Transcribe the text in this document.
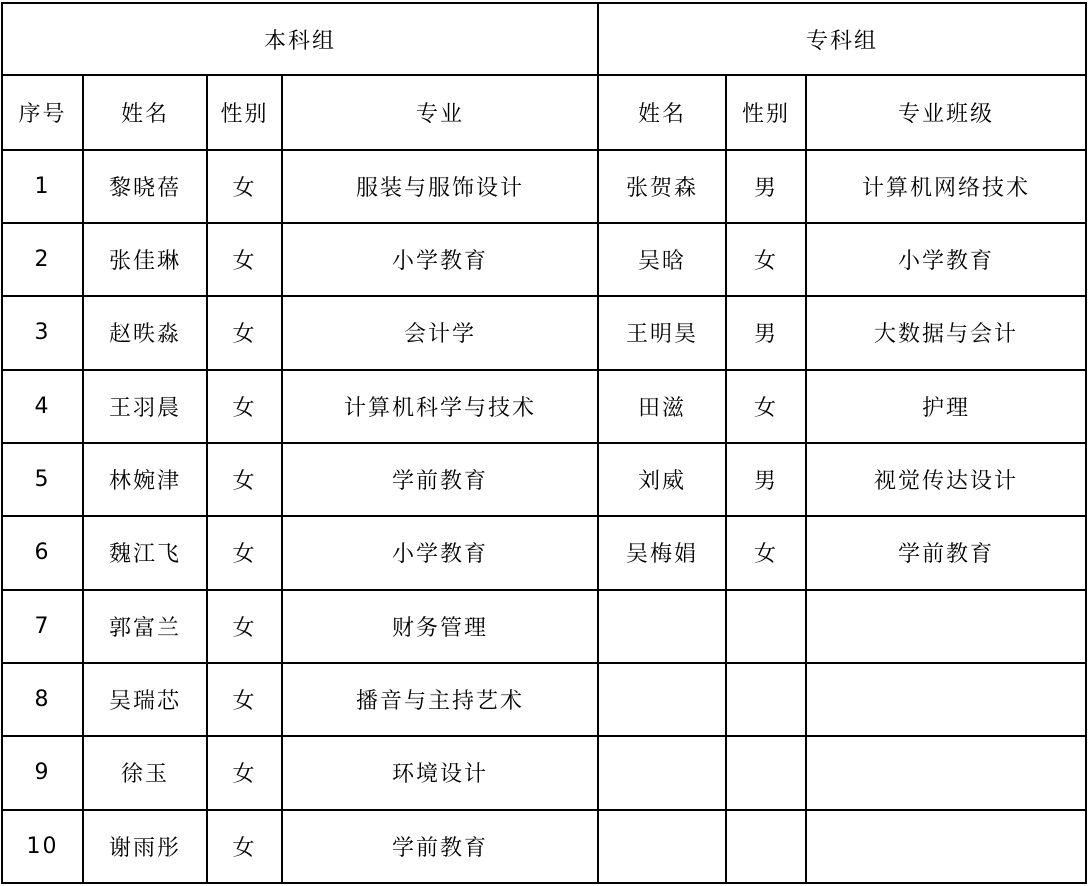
本科组				专科组		
序号	姓名	性别	专业	姓名	性别	专业班级
1	黎晓蓓	女	服装与服饰设计	张贺森	男	计算机网络技术
2	张佳琳	女	小学教育	吴晗	女	小学教育
3	赵昳淼	女	会计学	王明昊	男	大数据与会计
4	王羽晨	女	计算机科学与技术	田滋	女	护理
5	林婉津	女	学前教育	刘威	男	视觉传达设计
6	魏江飞	女	小学教育	吴梅娟	女	学前教育
7	郭富兰	女	财务管理			
8	吴瑞芯	女	播音与主持艺术			
9	徐玉	女	环境设计			
10	谢雨彤	女	学前教育			
